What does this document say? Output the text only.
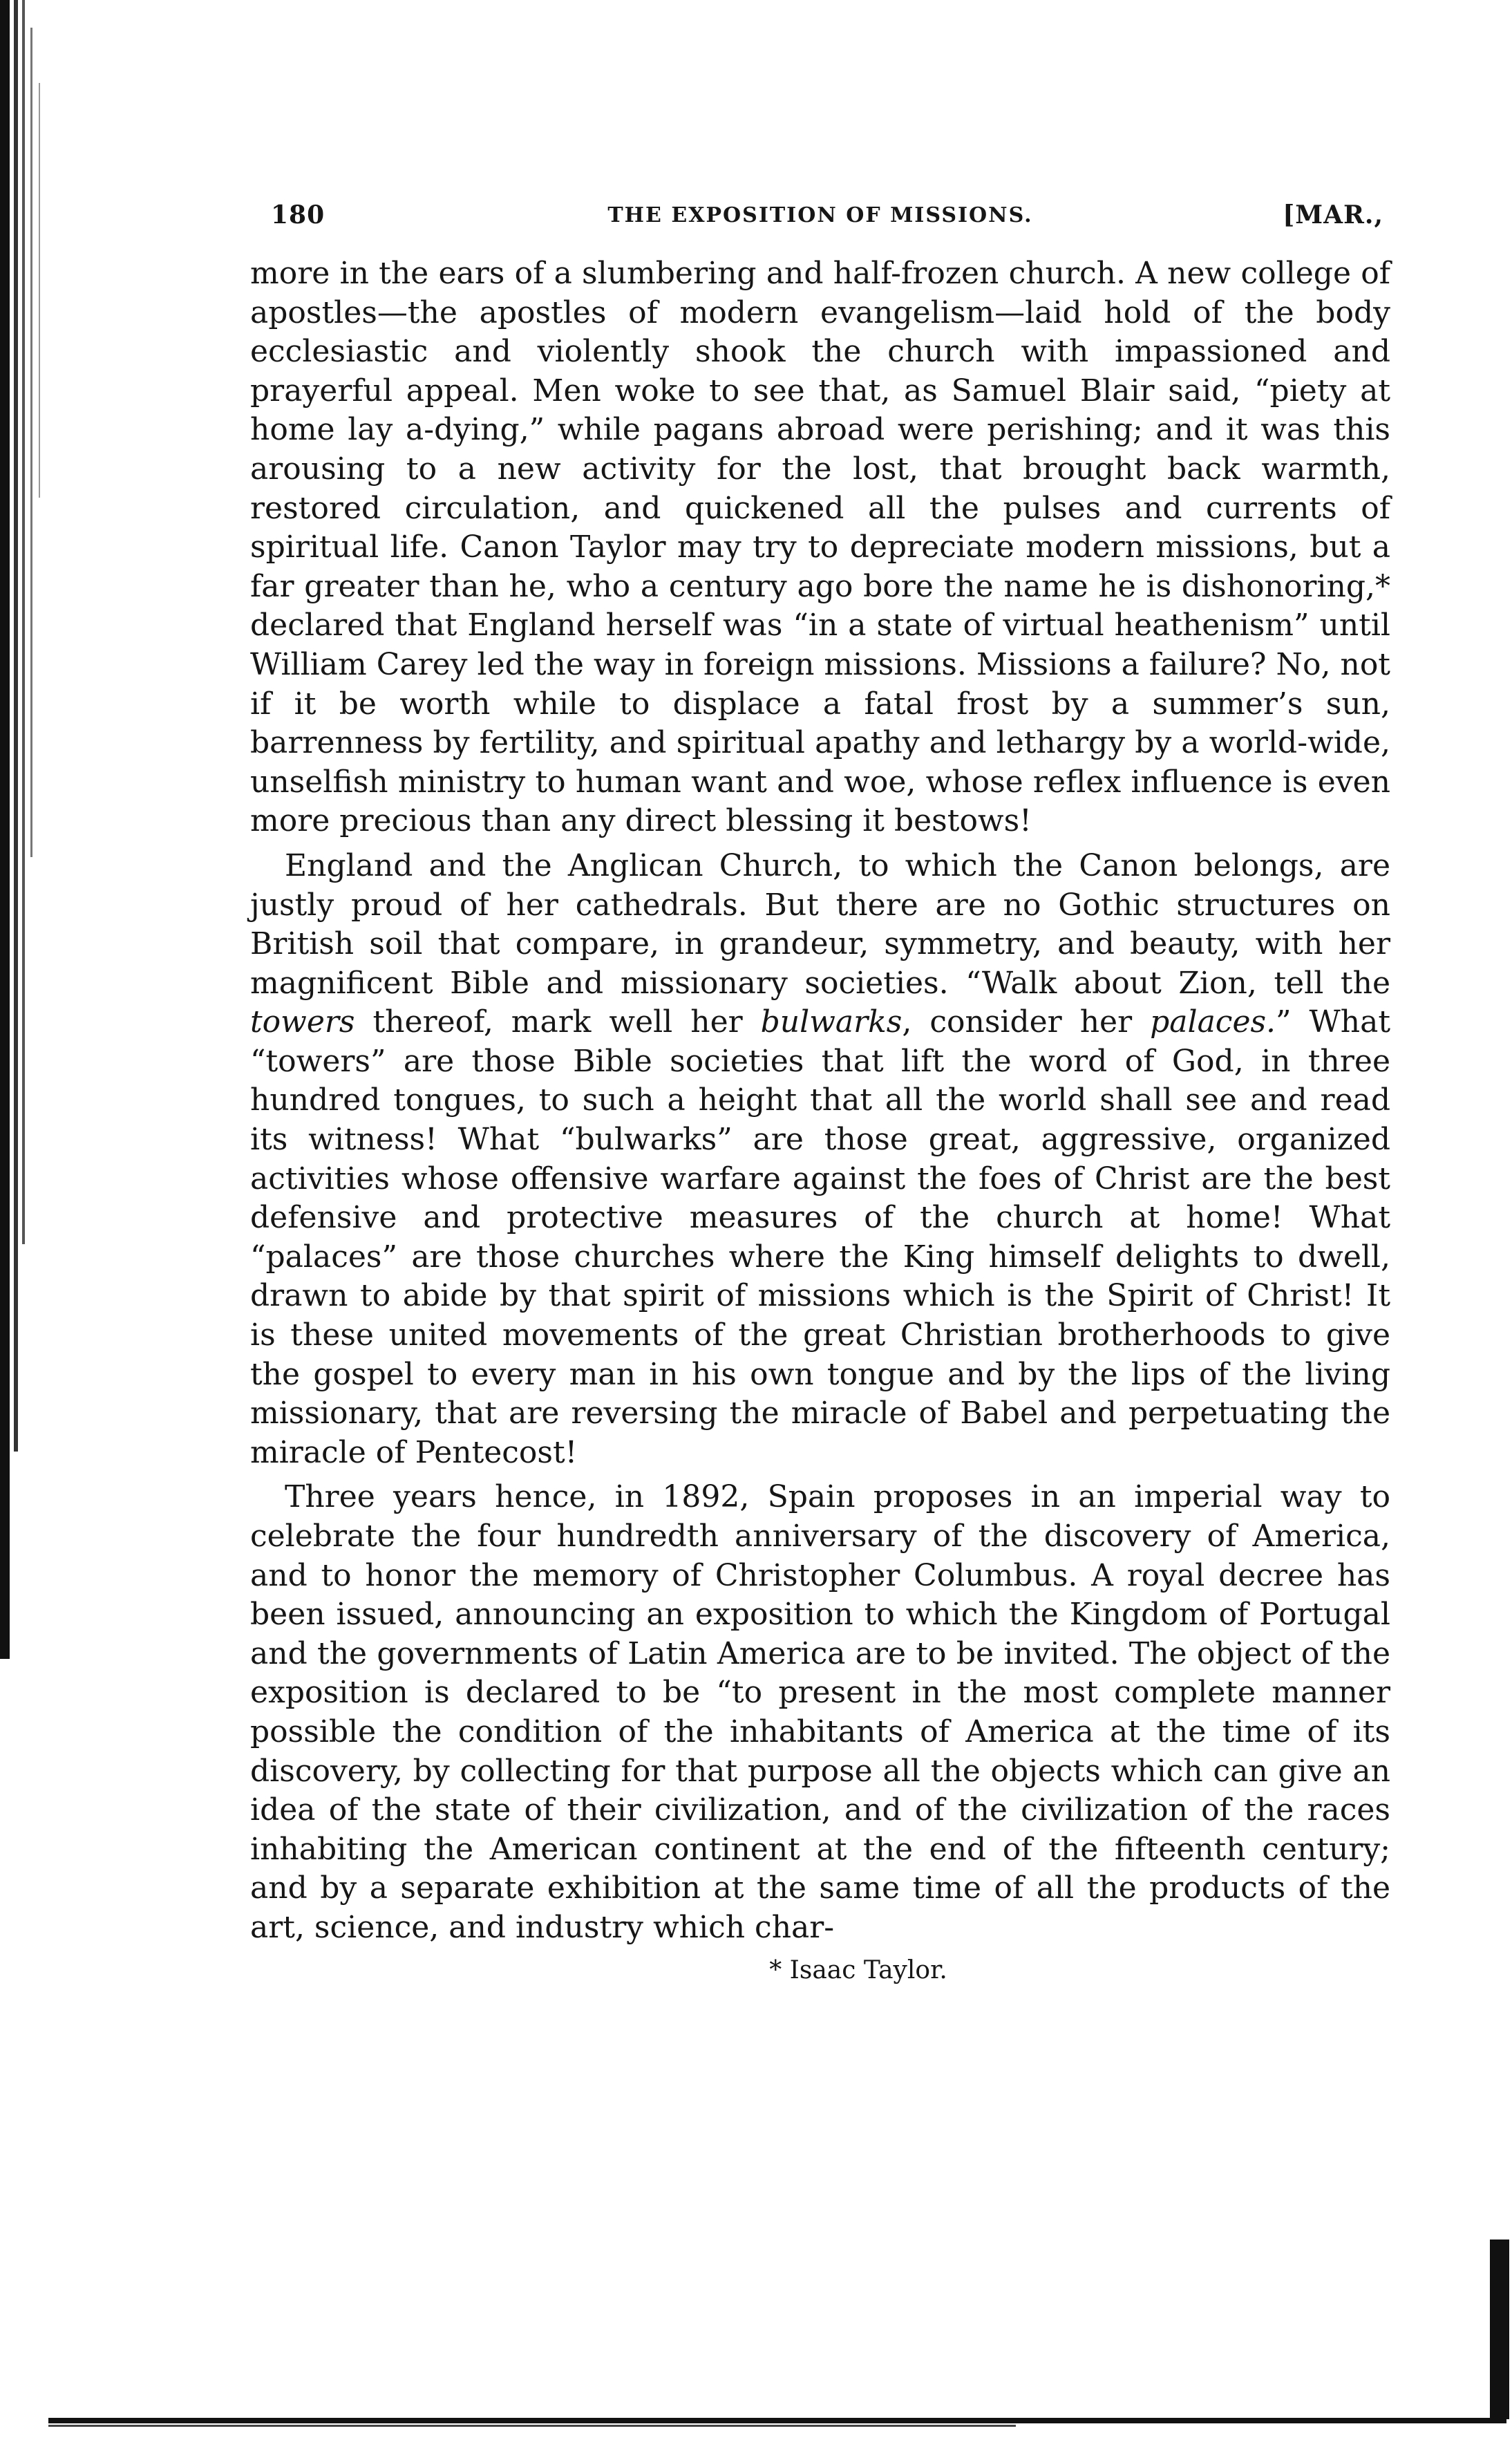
180	THE EXPOSITION OF MISSIONS.	[MAR.,

more in the ears of a slumbering and half-frozen church. A new college of apostles—the apostles of modern evangelism—laid hold of the body ecclesiastic and violently shook the church with impassioned and prayerful appeal. Men woke to see that, as Samuel Blair said, “piety at home lay a-dying,” while pagans abroad were perishing; and it was this arousing to a new activity for the lost, that brought back warmth, restored circulation, and quickened all the pulses and currents of spiritual life. Canon Taylor may try to depreciate modern missions, but a far greater than he, who a century ago bore the name he is dishonoring,* declared that England herself was “in a state of virtual heathenism” until William Carey led the way in foreign missions. Missions a failure? No, not if it be worth while to displace a fatal frost by a summer’s sun, barrenness by fertility, and spiritual apathy and lethargy by a world-wide, unselfish ministry to human want and woe, whose reflex influence is even more precious than any direct blessing it bestows!

England and the Anglican Church, to which the Canon belongs, are justly proud of her cathedrals. But there are no Gothic structures on British soil that compare, in grandeur, symmetry, and beauty, with her magnificent Bible and missionary societies. “Walk about Zion, tell the towers thereof, mark well her bulwarks, consider her palaces.” What “towers” are those Bible societies that lift the word of God, in three hundred tongues, to such a height that all the world shall see and read its witness! What “bulwarks” are those great, aggressive, organized activities whose offensive warfare against the foes of Christ are the best defensive and protective measures of the church at home! What “palaces” are those churches where the King himself delights to dwell, drawn to abide by that spirit of missions which is the Spirit of Christ! It is these united movements of the great Christian brotherhoods to give the gospel to every man in his own tongue and by the lips of the living missionary, that are reversing the miracle of Babel and perpetuating the miracle of Pentecost!

Three years hence, in 1892, Spain proposes in an imperial way to celebrate the four hundredth anniversary of the discovery of America, and to honor the memory of Christopher Columbus. A royal decree has been issued, announcing an exposition to which the Kingdom of Portugal and the governments of Latin America are to be invited. The object of the exposition is declared to be “to present in the most complete manner possible the condition of the inhabitants of America at the time of its discovery, by collecting for that purpose all the objects which can give an idea of the state of their civilization, and of the civilization of the races inhabiting the American continent at the end of the fifteenth century; and by a separate exhibition at the same time of all the products of the art, science, and industry which char-

* Isaac Taylor.
